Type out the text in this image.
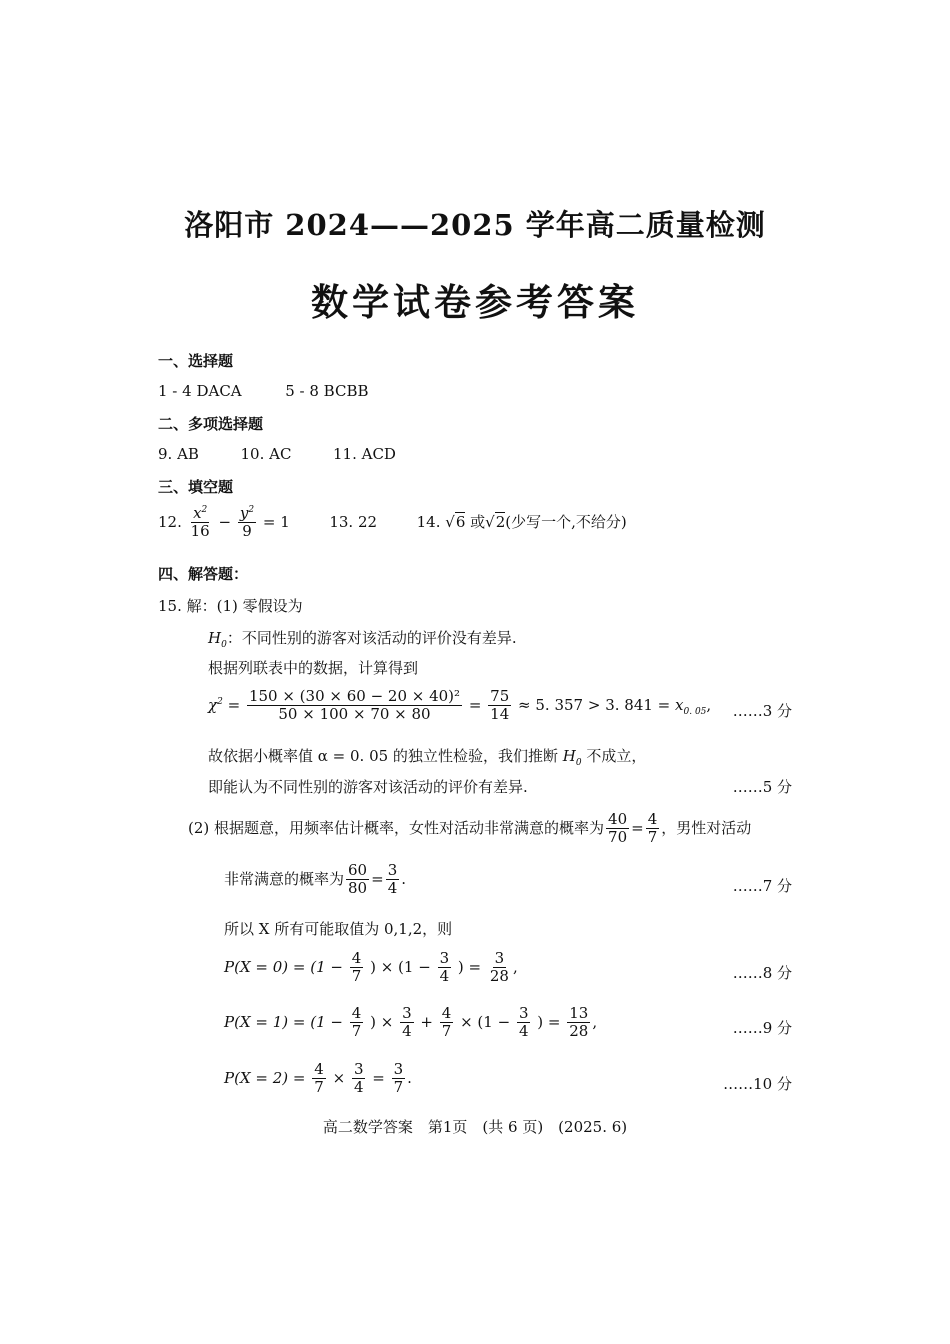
洛阳市 2024——2025 学年高二质量检测
数学试卷参考答案
一、选择题
1 - 4 DACA	5 - 8 BCBB
二、多项选择题
9. AB	10. AC	11. ACD
三、填空题
12. $\frac{x^2}{16} - \frac{y^2}{9} = 1$	13. 22	14. √6 或√2(少写一个,不给分)
四、解答题：
15. 解：(1) 零假设为
$H_0$：不同性别的游客对该活动的评价没有差异.
根据列联表中的数据，计算得到
$\chi^2 = \frac{\text{150 × (30 × 60 − 20 × 40)²}}{50 \times 100 \times 70 \times 80} = \frac{75}{14} \approx 5$. 357 > 3. $841 = x_{0. 05}$, ……3 分
故依据小概率值 α = 0. 05 的独立性检验，我们推断 $H_0$ 不成立，
即能认为不同性别的游客对该活动的评价有差异.	……5 分
(2) 根据题意，用频率估计概率，女性对活动非常满意的概率为 $\frac{40}{70} = \frac{4}{7}$ ，男性对活动
非常满意的概率为 $\frac{60}{80} = \frac{3}{4}$ .	……7 分
所以 X 所有可能取值为 0,1,2，则
$P(X = 0) = (1 - \frac{4}{7}$ ) × ($1 - \frac{3}{4}$ ) = $\frac{3}{28}$ ,	……8 分
$P(X = 1) = (1 - \frac{4}{7}$ ) × $\frac{3}{4} + \frac{4}{7} \times (1 - \frac{3}{4}$ ) = $\frac{13}{28}$ ,	……9 分
$P(X = 2) = \frac{4}{7} \times \frac{3}{4} = \frac{3}{7}$ .	……10 分
高二数学答案　第1页　(共 6 页)　(2025. 6)
